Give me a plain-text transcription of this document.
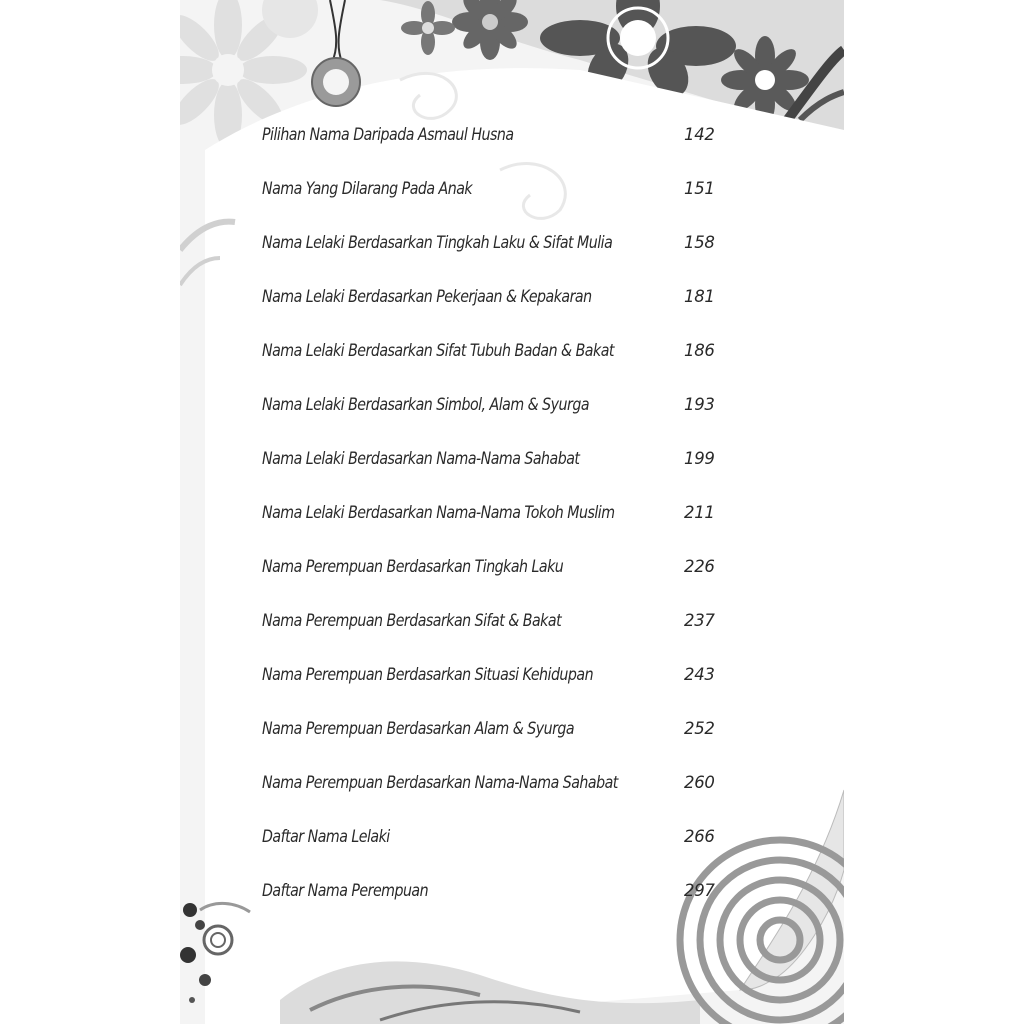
Pilihan Nama Daripada Asmaul Husna	142
Nama Yang Dilarang Pada Anak	151
Nama Lelaki Berdasarkan Tingkah Laku & Sifat Mulia	158
Nama Lelaki Berdasarkan Pekerjaan & Kepakaran	181
Nama Lelaki Berdasarkan Sifat Tubuh Badan & Bakat	186
Nama Lelaki Berdasarkan Simbol, Alam & Syurga	193
Nama Lelaki Berdasarkan Nama-Nama Sahabat	199
Nama Lelaki Berdasarkan Nama-Nama Tokoh Muslim	211
Nama Perempuan Berdasarkan Tingkah Laku	226
Nama Perempuan Berdasarkan Sifat & Bakat	237
Nama Perempuan Berdasarkan Situasi Kehidupan	243
Nama Perempuan Berdasarkan Alam & Syurga	252
Nama Perempuan Berdasarkan Nama-Nama Sahabat	260
Daftar Nama Lelaki	266
Daftar Nama Perempuan	297
